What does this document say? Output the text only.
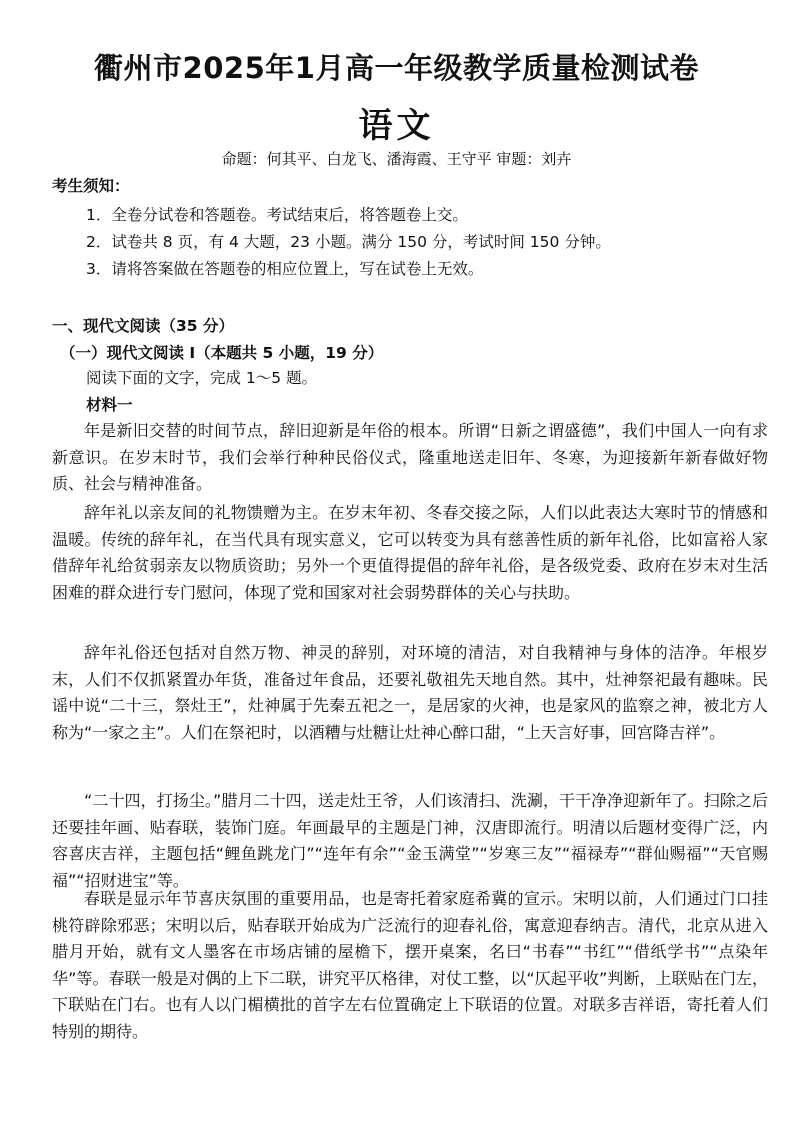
衢州市2025年1月高一年级教学质量检测试卷
语文
命题：何其平、白龙飞、潘海霞、王守平 审题：刘卉
考生须知：
1．全卷分试卷和答题卷。考试结束后，将答题卷上交。
2．试卷共 8 页，有 4 大题，23 小题。满分 150 分，考试时间 150 分钟。
3．请将答案做在答题卷的相应位置上，写在试卷上无效。
一、现代文阅读（35 分）
（一）现代文阅读 I（本题共 5 小题，19 分）
阅读下面的文字，完成 1～5 题。
材料一
年是新旧交替的时间节点，辞旧迎新是年俗的根本。所谓“日新之谓盛德”，我们中国人一向有求新意识。在岁末时节，我们会举行种种民俗仪式，隆重地送走旧年、冬寒，为迎接新年新春做好物质、社会与精神准备。
辞年礼以亲友间的礼物馈赠为主。在岁末年初、冬春交接之际，人们以此表达大寒时节的情感和温暖。传统的辞年礼，在当代具有现实意义，它可以转变为具有慈善性质的新年礼俗，比如富裕人家借辞年礼给贫弱亲友以物质资助；另外一个更值得提倡的辞年礼俗，是各级党委、政府在岁末对生活困难的群众进行专门慰问，体现了党和国家对社会弱势群体的关心与扶助。
辞年礼俗还包括对自然万物、神灵的辞别，对环境的清洁，对自我精神与身体的洁净。年根岁末，人们不仅抓紧置办年货，准备过年食品，还要礼敬祖先天地自然。其中，灶神祭祀最有趣味。民谣中说“二十三，祭灶王”，灶神属于先秦五祀之一，是居家的火神，也是家风的监察之神，被北方人称为“一家之主”。人们在祭祀时，以酒糟与灶糖让灶神心醉口甜，“上天言好事，回宫降吉祥”。
“二十四，打扬尘。”腊月二十四，送走灶王爷，人们该清扫、洗涮，干干净净迎新年了。扫除之后还要挂年画、贴春联，装饰门庭。年画最早的主题是门神，汉唐即流行。明清以后题材变得广泛，内容喜庆吉祥，主题包括“鲤鱼跳龙门”“连年有余”“金玉满堂”“岁寒三友”“福禄寿”“群仙赐福”“天官赐福”“招财进宝”等。
春联是显示年节喜庆氛围的重要用品，也是寄托着家庭希冀的宣示。宋明以前，人们通过门口挂桃符辟除邪恶；宋明以后，贴春联开始成为广泛流行的迎春礼俗，寓意迎春纳吉。清代，北京从进入腊月开始，就有文人墨客在市场店铺的屋檐下，摆开桌案，名曰“书春”“书红”“借纸学书”“点染年华”等。春联一般是对偶的上下二联，讲究平仄格律，对仗工整，以“仄起平收”判断，上联贴在门左，下联贴在门右。也有人以门楣横批的首字左右位置确定上下联语的位置。对联多吉祥语，寄托着人们特别的期待。
